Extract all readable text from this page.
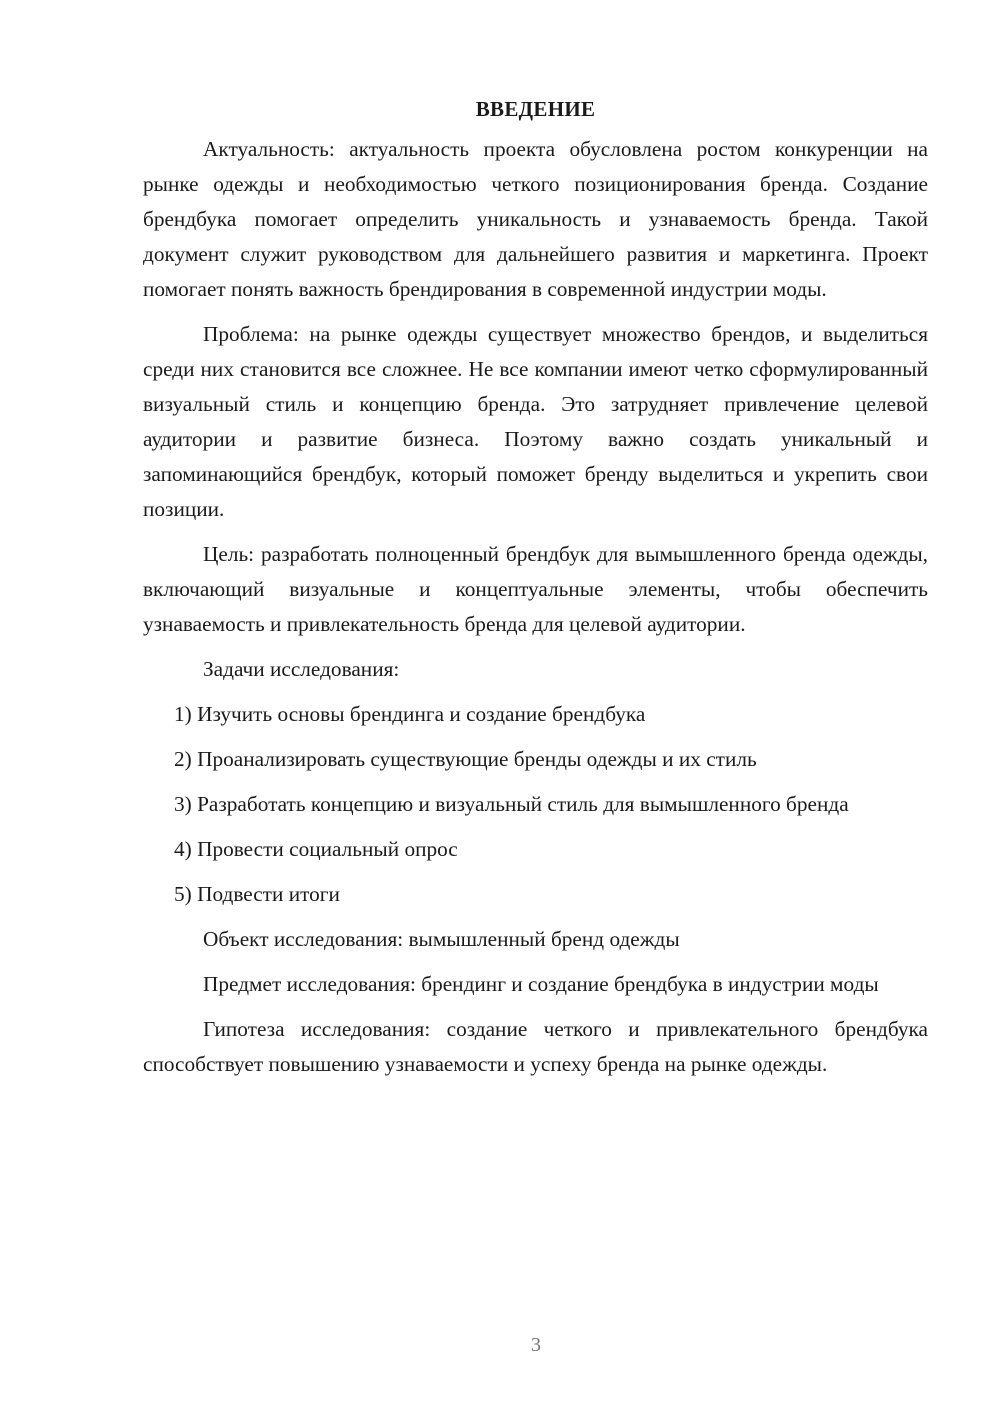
ВВЕДЕНИЕ

Актуальность: актуальность проекта обусловлена ростом конкуренции на рынке одежды и необходимостью четкого позиционирования бренда. Создание брендбука помогает определить уникальность и узнаваемость бренда. Такой документ служит руководством для дальнейшего развития и маркетинга. Проект помогает понять важность брендирования в современной индустрии моды.

Проблема: на рынке одежды существует множество брендов, и выделиться среди них становится все сложнее. Не все компании имеют четко сформулированный визуальный стиль и концепцию бренда. Это затрудняет привлечение целевой аудитории и развитие бизнеса. Поэтому важно создать уникальный и запоминающийся брендбук, который поможет бренду выделиться и укрепить свои позиции.

Цель: разработать полноценный брендбук для вымышленного бренда одежды, включающий визуальные и концептуальные элементы, чтобы обеспечить узнаваемость и привлекательность бренда для целевой аудитории.

Задачи исследования:

1) Изучить основы брендинга и создание брендбука

2) Проанализировать существующие бренды одежды и их стиль

3) Разработать концепцию и визуальный стиль для вымышленного бренда

4) Провести социальный опрос

5) Подвести итоги

Объект исследования: вымышленный бренд одежды

Предмет исследования: брендинг и создание брендбука в индустрии моды

Гипотеза исследования: создание четкого и привлекательного брендбука способствует повышению узнаваемости и успеху бренда на рынке одежды.

3
